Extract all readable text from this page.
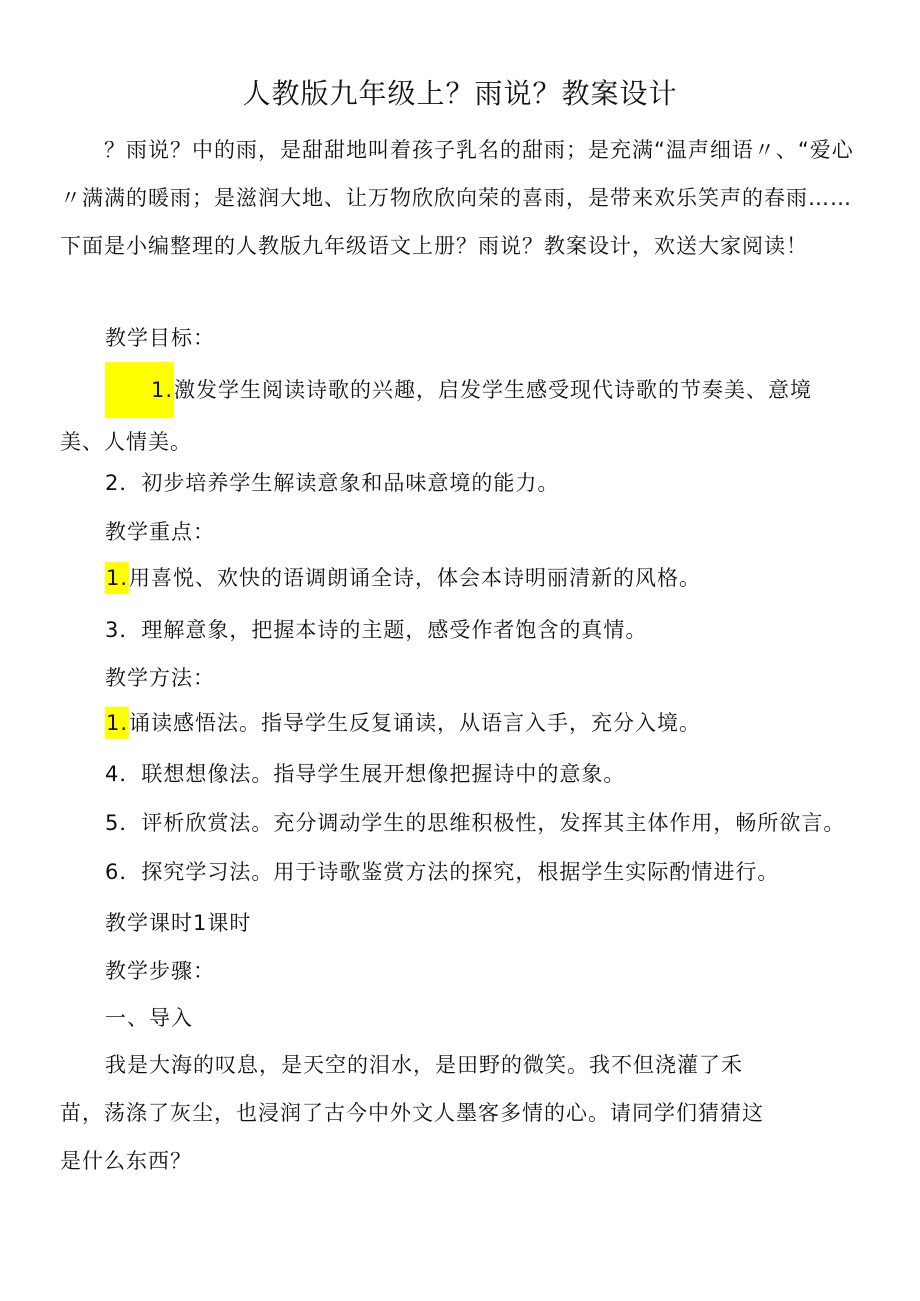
人教版九年级上？雨说？教案设计
？雨说？中的雨，是甜甜地叫着孩子乳名的甜雨；是充满“温声细语〃、“爱心〃满满的暖雨；是滋润大地、让万物欣欣向荣的喜雨，是带来欢乐笑声的春雨……下面是小编整理的人教版九年级语文上册？雨说？教案设计，欢送大家阅读！
教学目标：
1.激发学生阅读诗歌的兴趣，启发学生感受现代诗歌的节奏美、意境美、人情美。
2．初步培养学生解读意象和品味意境的能力。
教学重点：
1.用喜悦、欢快的语调朗诵全诗，体会本诗明丽清新的风格。
3．理解意象，把握本诗的主题，感受作者饱含的真情。
教学方法：
1.诵读感悟法。指导学生反复诵读，从语言入手，充分入境。
4．联想想像法。指导学生展开想像把握诗中的意象。
5．评析欣赏法。充分调动学生的思维积极性，发挥其主体作用，畅所欲言。
6．探究学习法。用于诗歌鉴赏方法的探究，根据学生实际酌情进行。
教学课时1课时
教学步骤：
一、导入
我是大海的叹息，是天空的泪水，是田野的微笑。我不但浇灌了禾苗，荡涤了灰尘，也浸润了古今中外文人墨客多情的心。请同学们猜猜这是什么东西？
